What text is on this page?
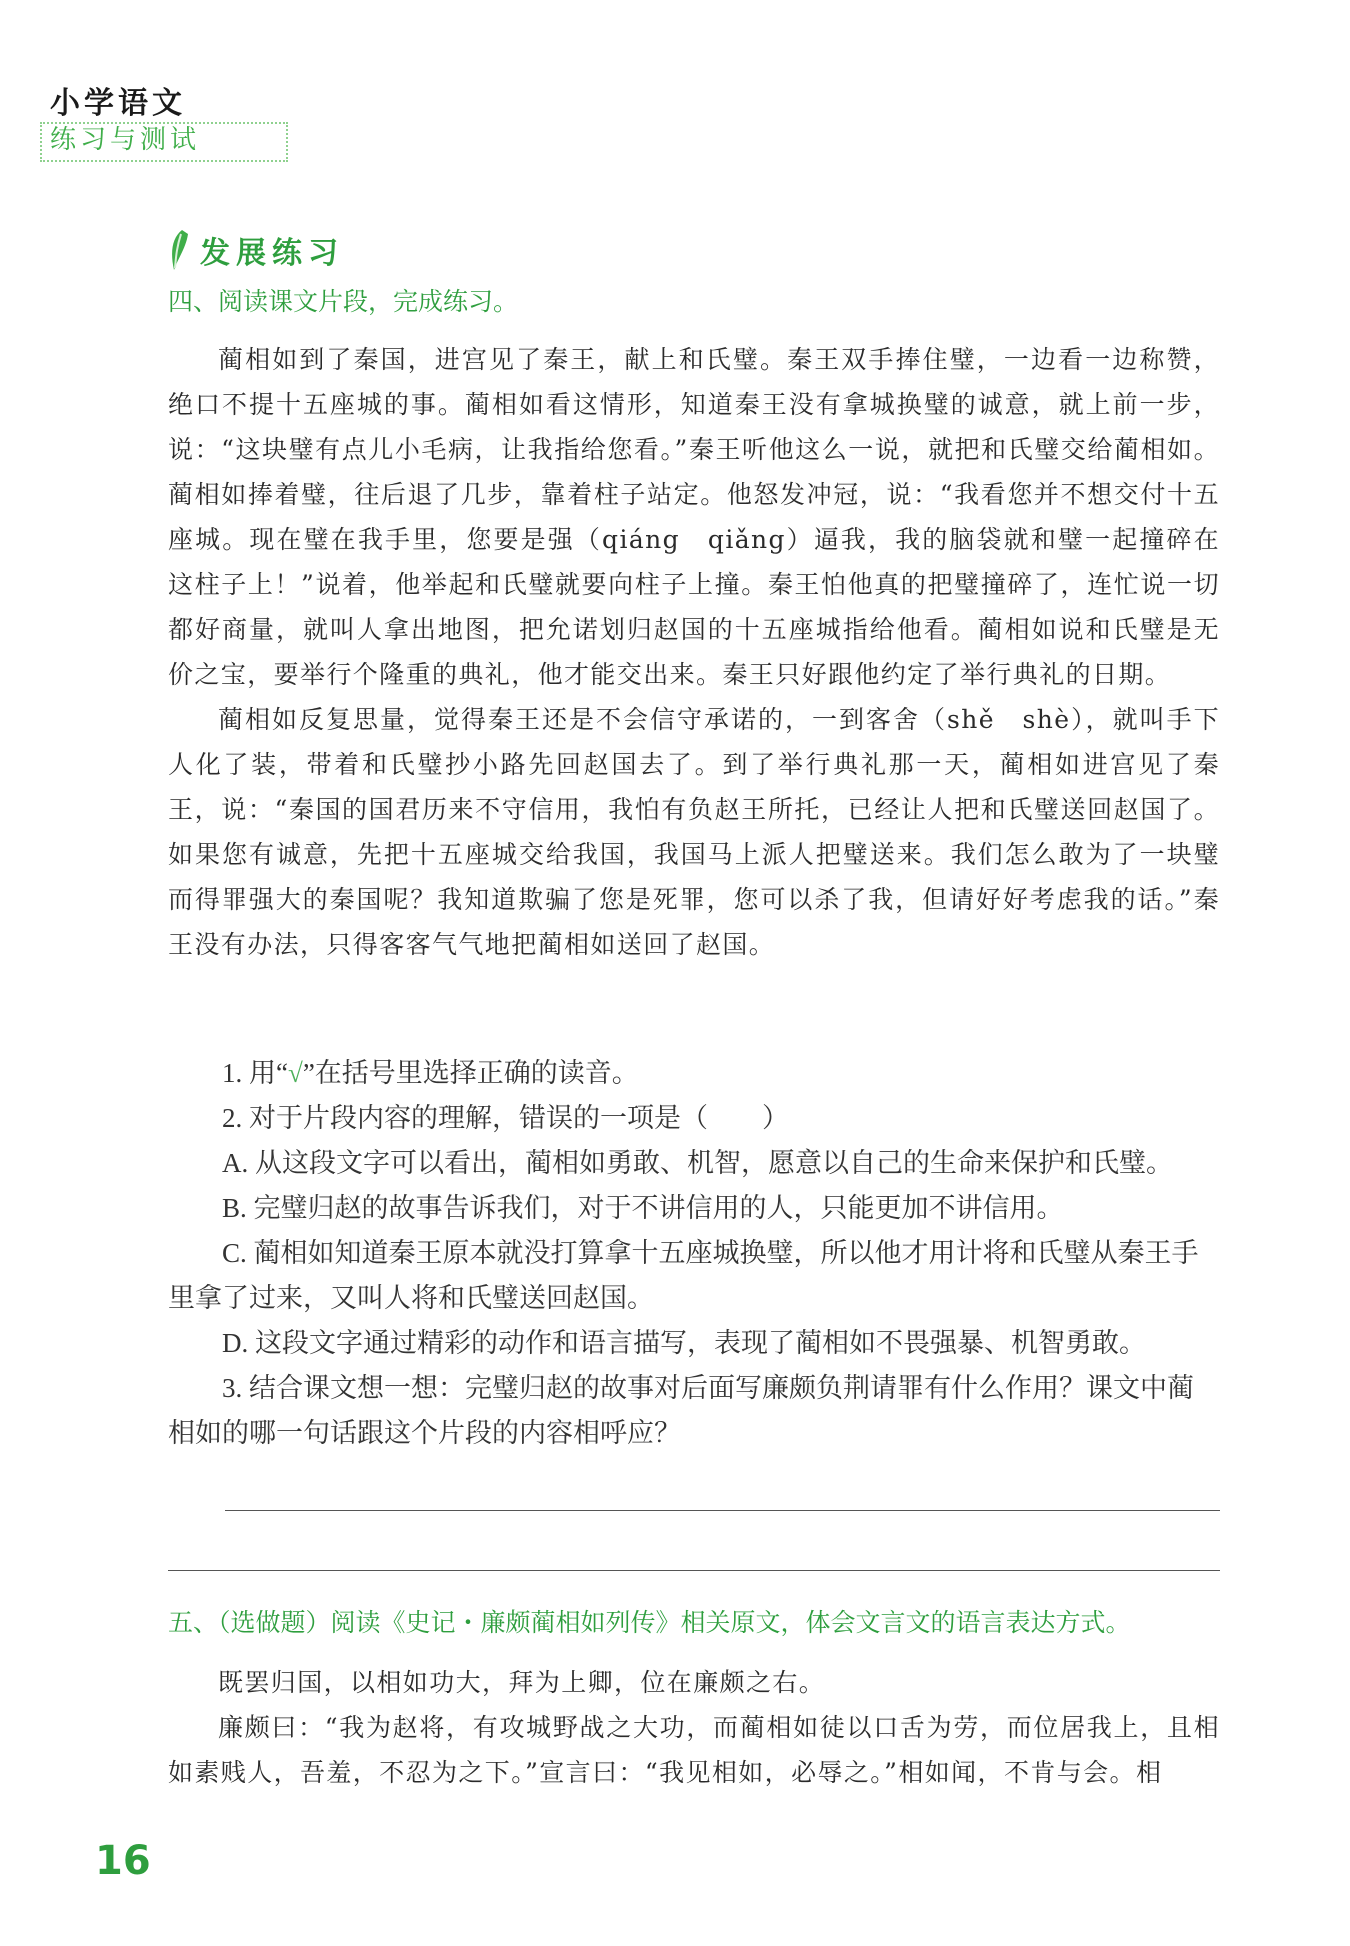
小学语文
练习与测试
发展练习
四、阅读课文片段，完成练习。

蔺相如到了秦国，进宫见了秦王，献上和氏璧。秦王双手捧住璧，一边看一边称赞，绝口不提十五座城的事。蔺相如看这情形，知道秦王没有拿城换璧的诚意，就上前一步，说：“这块璧有点儿小毛病，让我指给您看。”秦王听他这么一说，就把和氏璧交给蔺相如。蔺相如捧着璧，往后退了几步，靠着柱子站定。他怒发冲冠，说：“我看您并不想交付十五座城。现在璧在我手里，您要是强（qiáng　qiǎng）逼我，我的脑袋就和璧一起撞碎在这柱子上！”说着，他举起和氏璧就要向柱子上撞。秦王怕他真的把璧撞碎了，连忙说一切都好商量，就叫人拿出地图，把允诺划归赵国的十五座城指给他看。蔺相如说和氏璧是无价之宝，要举行个隆重的典礼，他才能交出来。秦王只好跟他约定了举行典礼的日期。

蔺相如反复思量，觉得秦王还是不会信守承诺的，一到客舍（shě　shè），就叫手下人化了装，带着和氏璧抄小路先回赵国去了。到了举行典礼那一天，蔺相如进宫见了秦王，说：“秦国的国君历来不守信用，我怕有负赵王所托，已经让人把和氏璧送回赵国了。如果您有诚意，先把十五座城交给我国，我国马上派人把璧送来。我们怎么敢为了一块璧而得罪强大的秦国呢？我知道欺骗了您是死罪，您可以杀了我，但请好好考虑我的话。”秦王没有办法，只得客客气气地把蔺相如送回了赵国。

1. 用“√”在括号里选择正确的读音。

2. 对于片段内容的理解，错误的一项是（　　）

A. 从这段文字可以看出，蔺相如勇敢、机智，愿意以自己的生命来保护和氏璧。

B. 完璧归赵的故事告诉我们，对于不讲信用的人，只能更加不讲信用。

C. 蔺相如知道秦王原本就没打算拿十五座城换璧，所以他才用计将和氏璧从秦王手里拿了过来，又叫人将和氏璧送回赵国。

D. 这段文字通过精彩的动作和语言描写，表现了蔺相如不畏强暴、机智勇敢。

3. 结合课文想一想：完璧归赵的故事对后面写廉颇负荆请罪有什么作用？课文中蔺相如的哪一句话跟这个片段的内容相呼应？

五、（选做题）阅读《史记・廉颇蔺相如列传》相关原文，体会文言文的语言表达方式。

既罢归国，以相如功大，拜为上卿，位在廉颇之右。

廉颇曰：“我为赵将，有攻城野战之大功，而蔺相如徒以口舌为劳，而位居我上，且相如素贱人，吾羞，不忍为之下。”宣言曰：“我见相如，必辱之。”相如闻，不肯与会。相

16
